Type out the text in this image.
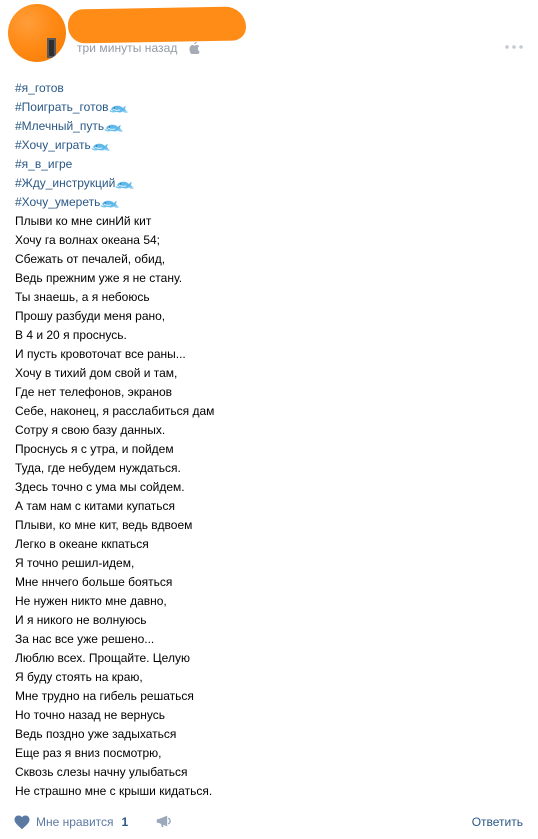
три минуты назад
#я_готов
#Поиграть_готов
#Млечный_путь
#Хочу_играть
#я_в_игре
#Жду_инструкций
#Хочу_умереть
Плыви ко мне синИй кит
Хочу га волнах океана 54;
Сбежать от печалей, обид,
Ведь прежним уже я не стану.
Ты знаешь, а я небоюсь
Прошу разбуди меня рано,
В 4 и 20 я проснусь.
И пусть кровоточат все раны...
Хочу в тихий дом свой и там,
Где нет телефонов, экранов
Себе, наконец, я расслабиться дам
Сотру я свою базу данных.
Проснусь я с утра, и пойдем
Туда, где небудем нуждаться.
Здесь точно с ума мы сойдем.
А там нам с китами купаться
Плыви, ко мне кит, ведь вдвоем
Легко в океане ккпаться
Я точно решил-идем,
Мне ннчего больше бояться
Не нужен никто мне давно,
И я никого не волнуюсь
За нас все уже решено...
Люблю всех. Прощайте. Целую
Я буду стоять на краю,
Мне трудно на гибель решаться
Но точно назад не вернусь
Ведь поздно уже задыхаться
Еще раз я вниз посмотрю,
Сквозь слезы начну улыбаться
Не страшно мне с крыши кидаться.
Мне нравится 1	Ответить
